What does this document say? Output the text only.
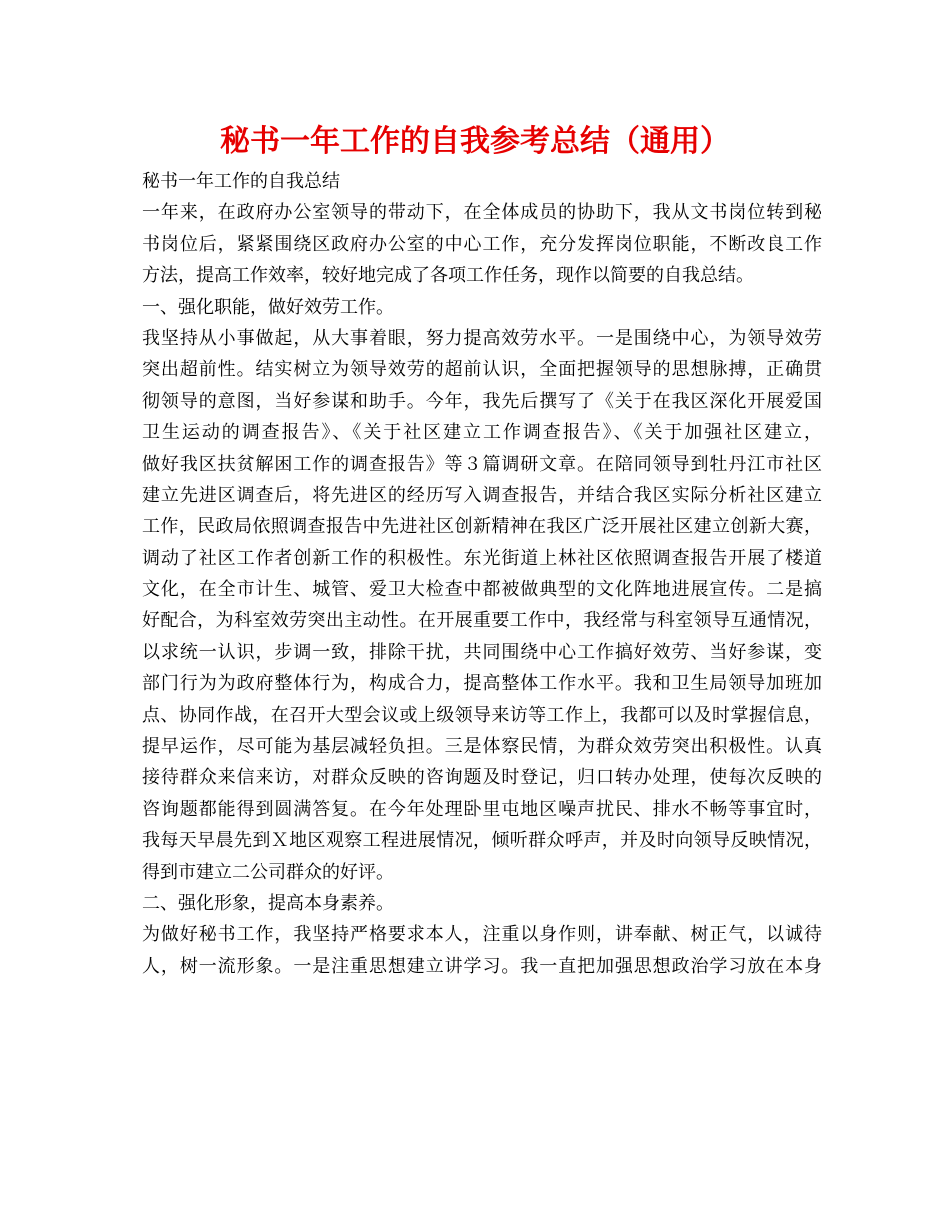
秘书一年工作的自我参考总结（通用）
秘书一年工作的自我总结
一年来，在政府办公室领导的带动下，在全体成员的协助下，我从文书岗位转到秘
书岗位后，紧紧围绕区政府办公室的中心工作，充分发挥岗位职能，不断改良工作
方法，提高工作效率，较好地完成了各项工作任务，现作以简要的自我总结。
一、强化职能，做好效劳工作。
我坚持从小事做起，从大事着眼，努力提高效劳水平。一是围绕中心，为领导效劳
突出超前性。结实树立为领导效劳的超前认识，全面把握领导的思想脉搏，正确贯
彻领导的意图，当好参谋和助手。今年，我先后撰写了《关于在我区深化开展爱国
卫生运动的调查报告》、《关于社区建立工作调查报告》、《关于加强社区建立，
做好我区扶贫解困工作的调查报告》等３篇调研文章。在陪同领导到牡丹江市社区
建立先进区调查后，将先进区的经历写入调查报告，并结合我区实际分析社区建立
工作，民政局依照调查报告中先进社区创新精神在我区广泛开展社区建立创新大赛，
调动了社区工作者创新工作的积极性。东光街道上林社区依照调查报告开展了楼道
文化，在全市计生、城管、爱卫大检查中都被做典型的文化阵地进展宣传。二是搞
好配合，为科室效劳突出主动性。在开展重要工作中，我经常与科室领导互通情况，
以求统一认识，步调一致，排除干扰，共同围绕中心工作搞好效劳、当好参谋，变
部门行为为政府整体行为，构成合力，提高整体工作水平。我和卫生局领导加班加
点、协同作战，在召开大型会议或上级领导来访等工作上，我都可以及时掌握信息，
提早运作，尽可能为基层减轻负担。三是体察民情，为群众效劳突出积极性。认真
接待群众来信来访，对群众反映的咨询题及时登记，归口转办处理，使每次反映的
咨询题都能得到圆满答复。在今年处理卧里屯地区噪声扰民、排水不畅等事宜时，
我每天早晨先到Ｘ地区观察工程进展情况，倾听群众呼声，并及时向领导反映情况，
得到市建立二公司群众的好评。
二、强化形象，提高本身素养。
为做好秘书工作，我坚持严格要求本人，注重以身作则，讲奉献、树正气，以诚待
人，树一流形象。一是注重思想建立讲学习。我一直把加强思想政治学习放在本身
